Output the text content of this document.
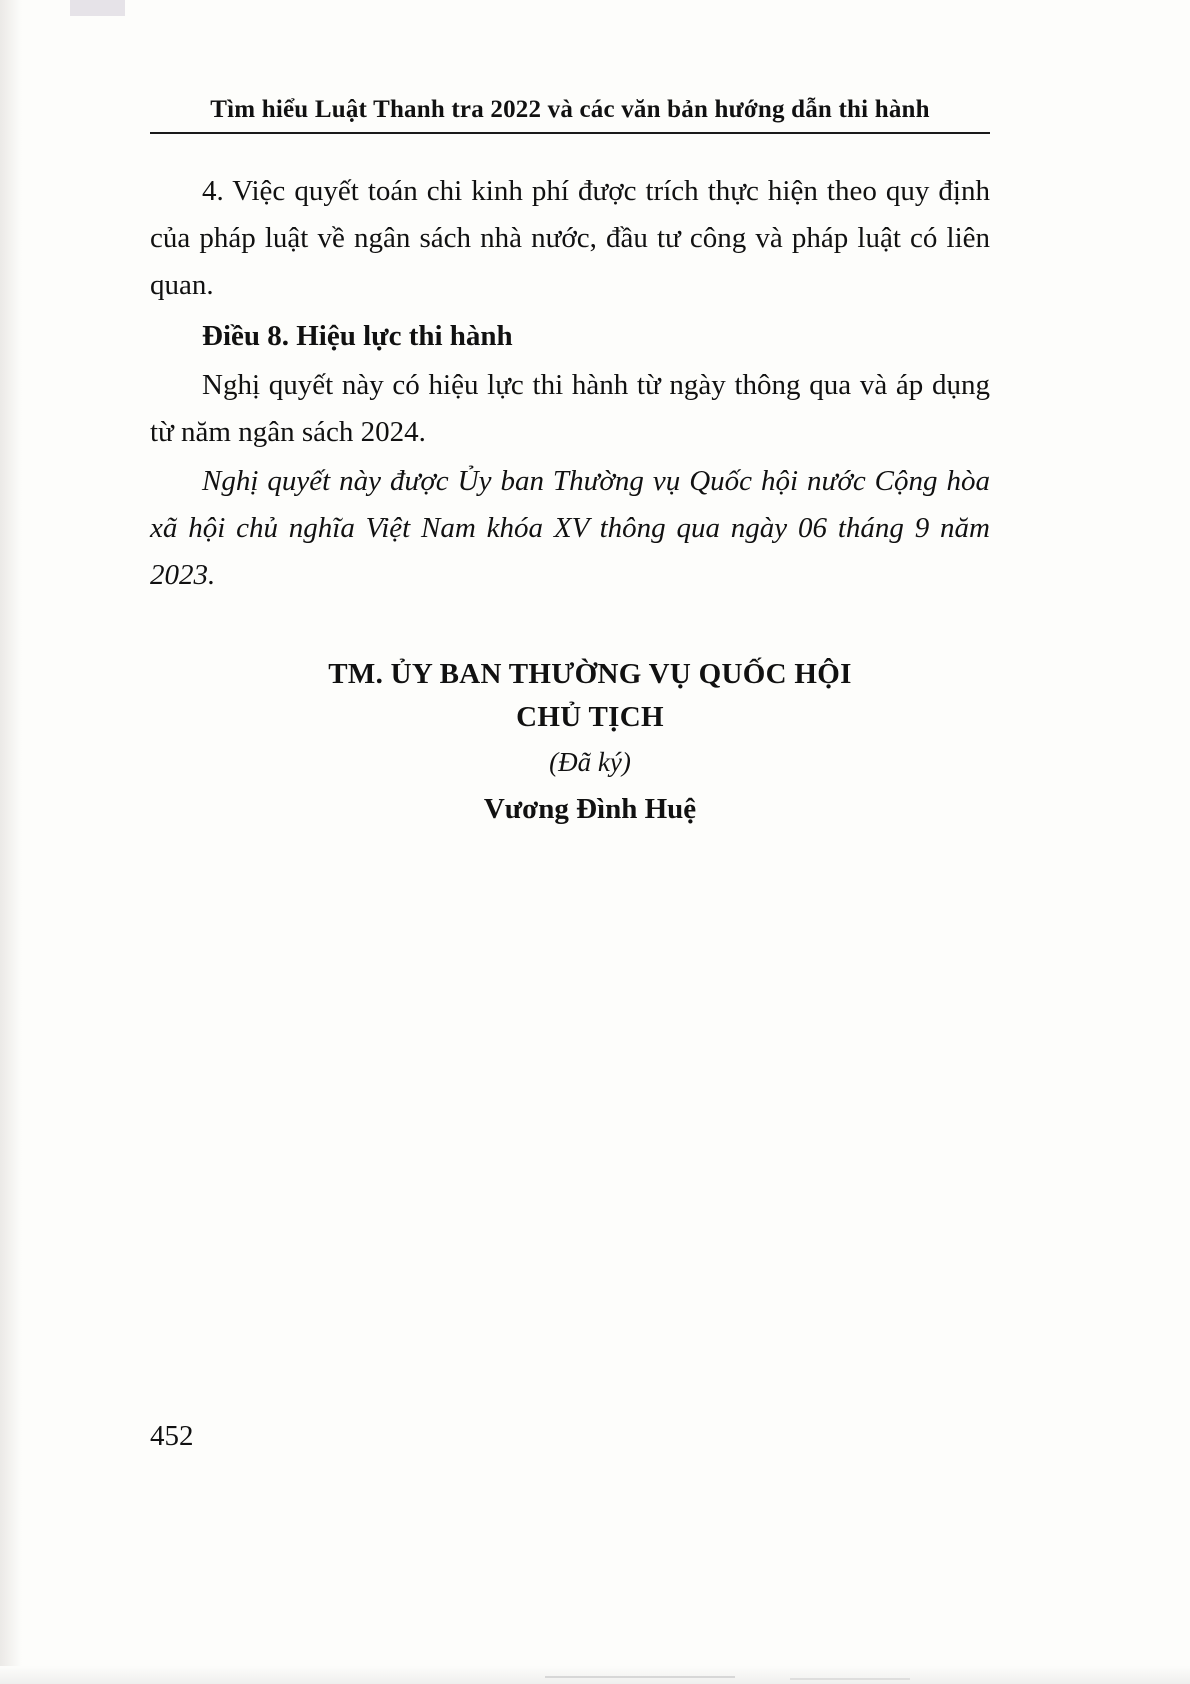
Tìm hiểu Luật Thanh tra 2022 và các văn bản hướng dẫn thi hành

4. Việc quyết toán chi kinh phí được trích thực hiện theo quy định của pháp luật về ngân sách nhà nước, đầu tư công và pháp luật có liên quan.

Điều 8. Hiệu lực thi hành

Nghị quyết này có hiệu lực thi hành từ ngày thông qua và áp dụng từ năm ngân sách 2024.

Nghị quyết này được Ủy ban Thường vụ Quốc hội nước Cộng hòa xã hội chủ nghĩa Việt Nam khóa XV thông qua ngày 06 tháng 9 năm 2023.

TM. ỦY BAN THƯỜNG VỤ QUỐC HỘI
CHỦ TỊCH
(Đã ký)
Vương Đình Huệ
452
